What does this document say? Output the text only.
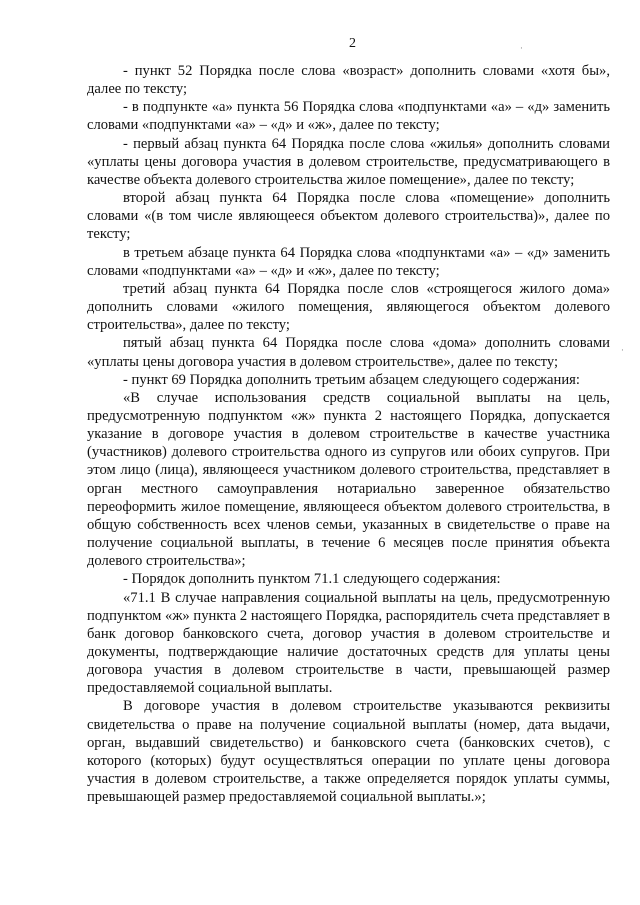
2

- пункт 52 Порядка после слова «возраст» дополнить словами «хотя бы», далее по тексту;

- в подпункте «а» пункта 56 Порядка слова «подпунктами «а» – «д» заменить словами «подпунктами «а» – «д» и «ж», далее по тексту;

- первый абзац пункта 64 Порядка после слова «жилья» дополнить словами «уплаты цены договора участия в долевом строительстве, предусматривающего в качестве объекта долевого строительства жилое помещение», далее по тексту;

второй абзац пункта 64 Порядка после слова «помещение» дополнить словами «(в том числе являющееся объектом долевого строительства)», далее по тексту;

в третьем абзаце пункта 64 Порядка слова «подпунктами «а» – «д» заменить словами «подпунктами «а» – «д» и «ж», далее по тексту;

третий абзац пункта 64 Порядка после слов «строящегося жилого дома» дополнить словами «жилого помещения, являющегося объектом долевого строительства», далее по тексту;

пятый абзац пункта 64 Порядка после слова «дома» дополнить словами «уплаты цены договора участия в долевом строительстве», далее по тексту;

- пункт 69 Порядка дополнить третьим абзацем следующего содержания:

«В случае использования средств социальной выплаты на цель, предусмотренную подпунктом «ж» пункта 2 настоящего Порядка, допускается указание в договоре участия в долевом строительстве в качестве участника (участников) долевого строительства одного из супругов или обоих супругов. При этом лицо (лица), являющееся участником долевого строительства, представляет в орган местного самоуправления нотариально заверенное обязательство переоформить жилое помещение, являющееся объектом долевого строительства, в общую собственность всех членов семьи, указанных в свидетельстве о праве на получение социальной выплаты, в течение 6 месяцев после принятия объекта долевого строительства»;

- Порядок дополнить пунктом 71.1 следующего содержания:

«71.1 В случае направления социальной выплаты на цель, предусмотренную подпунктом «ж» пункта 2 настоящего Порядка, распорядитель счета представляет в банк договор банковского счета, договор участия в долевом строительстве и документы, подтверждающие наличие достаточных средств для уплаты цены договора участия в долевом строительстве в части, превышающей размер предоставляемой социальной выплаты.

В договоре участия в долевом строительстве указываются реквизиты свидетельства о праве на получение социальной выплаты (номер, дата выдачи, орган, выдавший свидетельство) и банковского счета (банковских счетов), с которого (которых) будут осуществляться операции по уплате цены договора участия в долевом строительстве, а также определяется порядок уплаты суммы, превышающей размер предоставляемой социальной выплаты.»;

·
·
